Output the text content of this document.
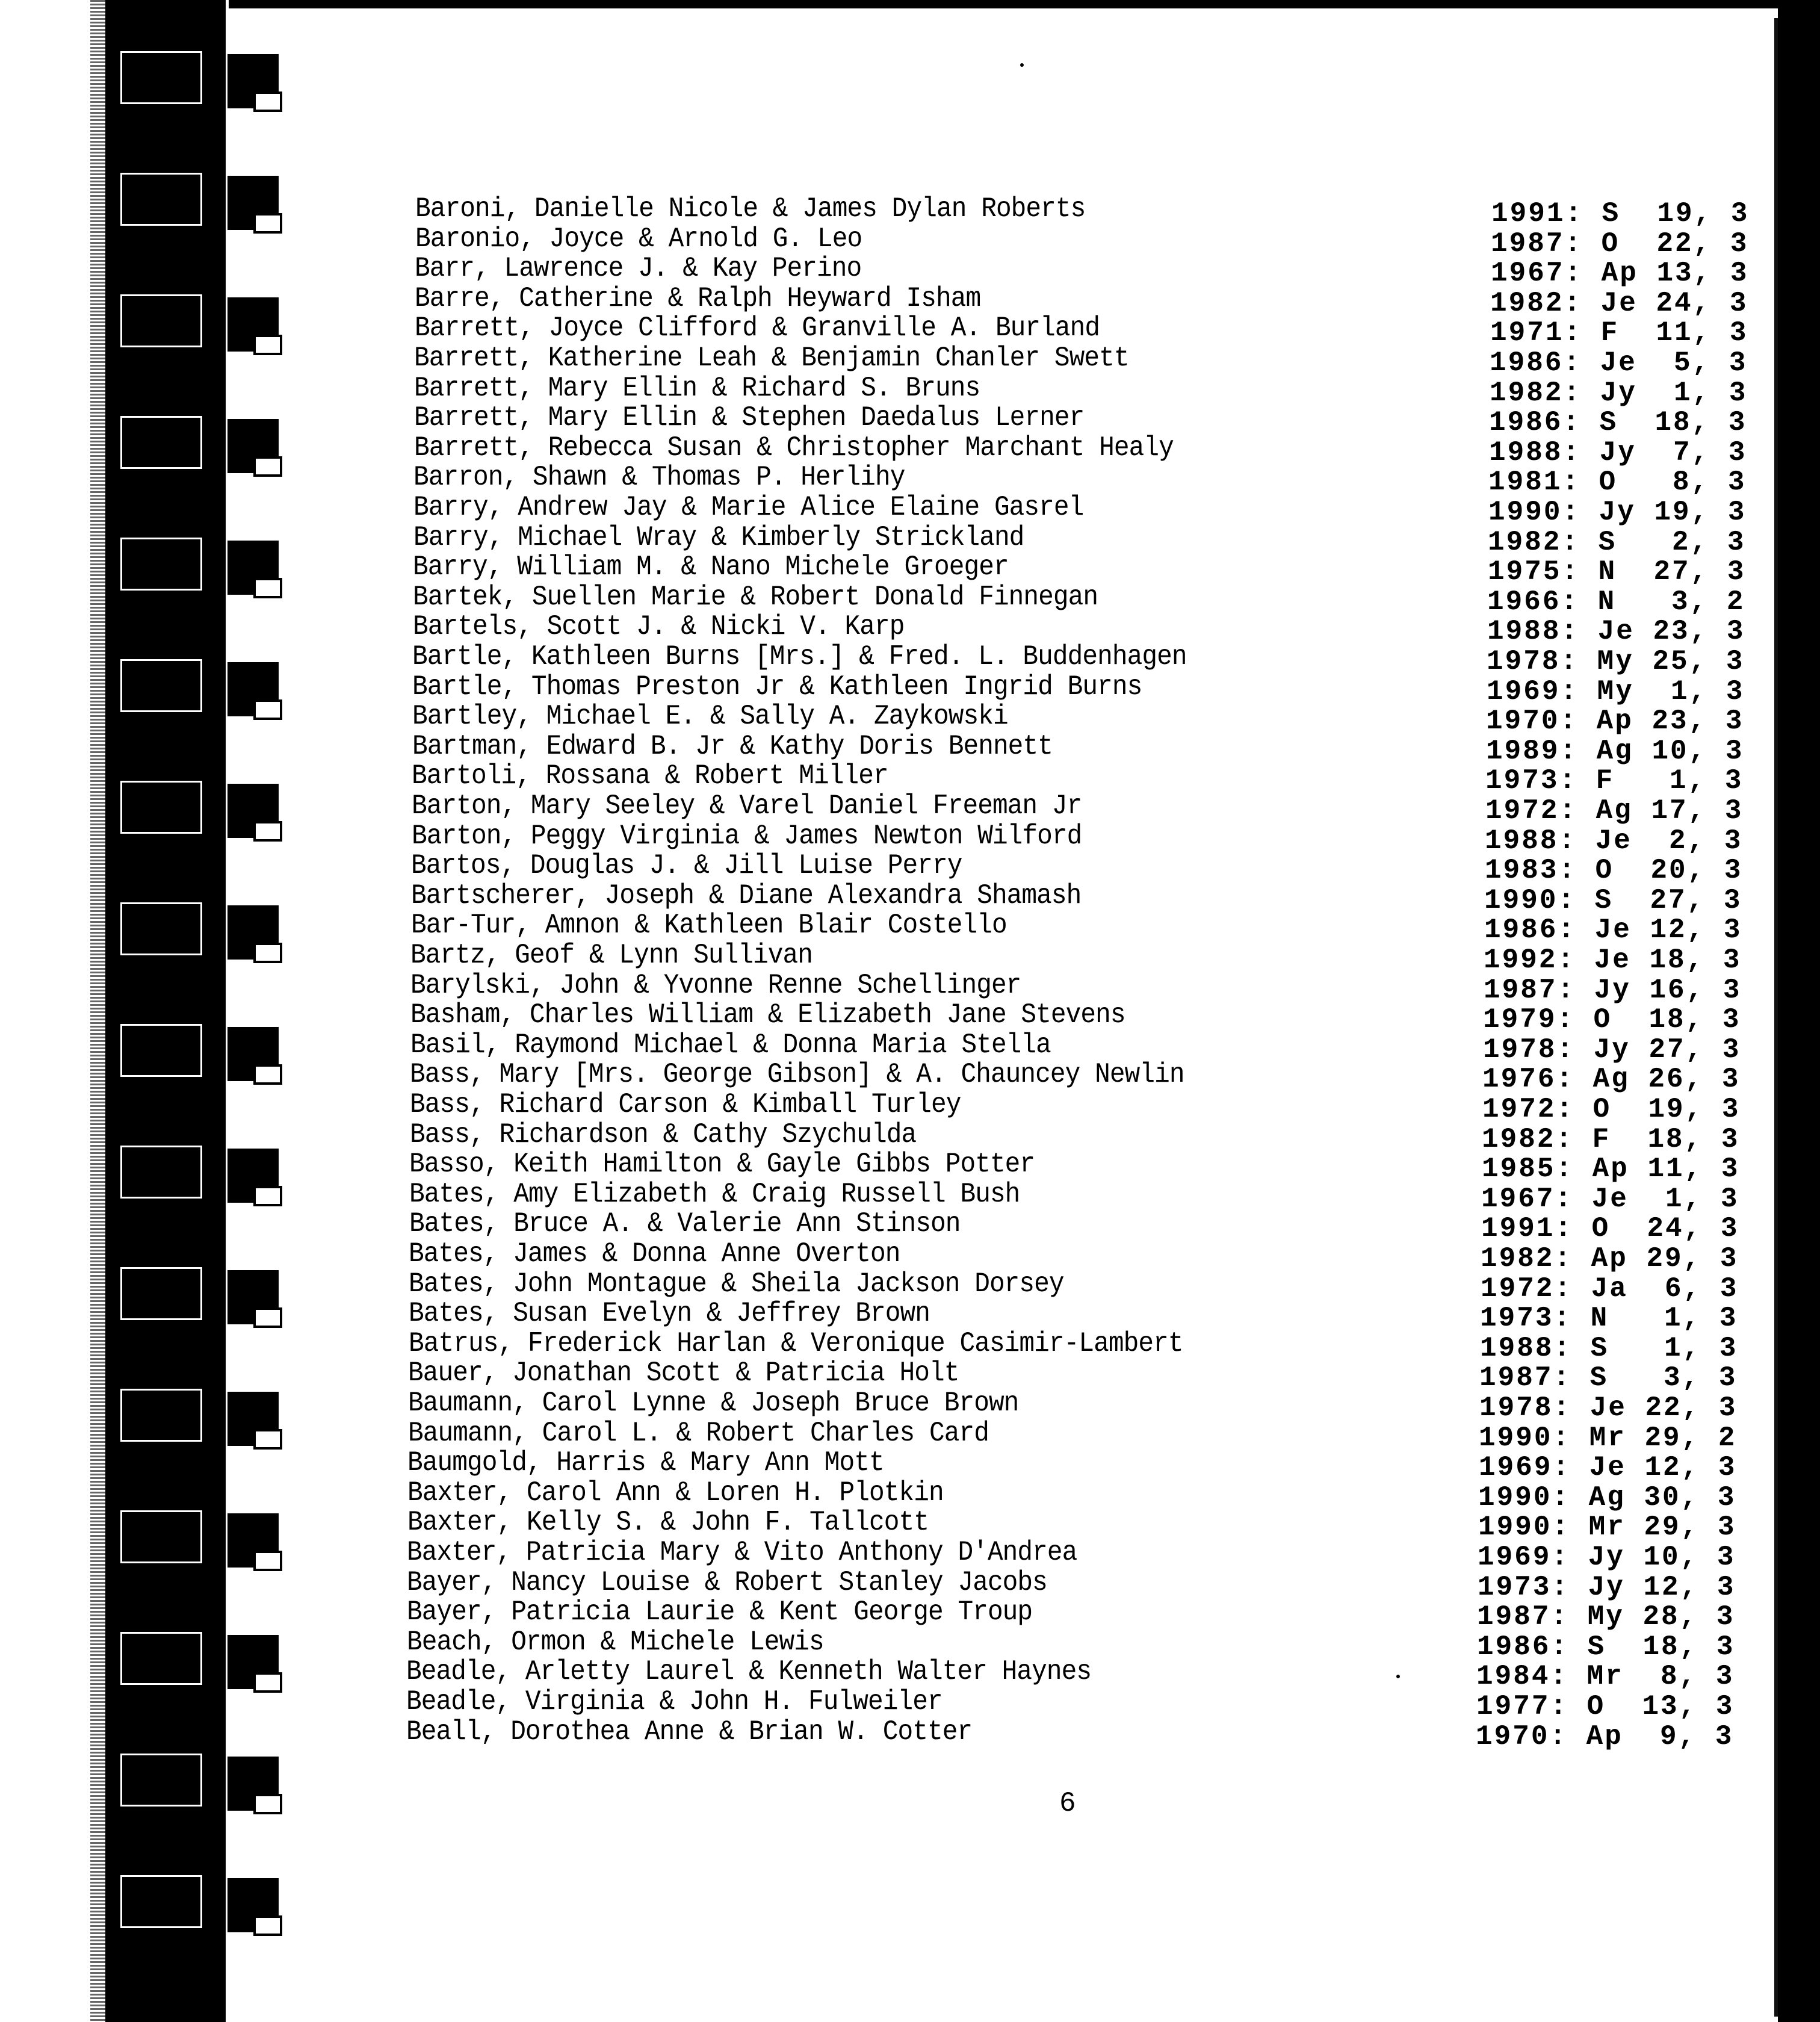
Baroni, Danielle Nicole & James Dylan Roberts	1991: S  19, 3
Baronio, Joyce & Arnold G. Leo	1987: O  22, 3
Barr, Lawrence J. & Kay Perino	1967: Ap 13, 3
Barre, Catherine & Ralph Heyward Isham	1982: Je 24, 3
Barrett, Joyce Clifford & Granville A. Burland	1971: F  11, 3
Barrett, Katherine Leah & Benjamin Chanler Swett	1986: Je  5, 3
Barrett, Mary Ellin & Richard S. Bruns	1982: Jy  1, 3
Barrett, Mary Ellin & Stephen Daedalus Lerner	1986: S  18, 3
Barrett, Rebecca Susan & Christopher Marchant Healy	1988: Jy  7, 3
Barron, Shawn & Thomas P. Herlihy	1981: O   8, 3
Barry, Andrew Jay & Marie Alice Elaine Gasrel	1990: Jy 19, 3
Barry, Michael Wray & Kimberly Strickland	1982: S   2, 3
Barry, William M. & Nano Michele Groeger	1975: N  27, 3
Bartek, Suellen Marie & Robert Donald Finnegan	1966: N   3, 2
Bartels, Scott J. & Nicki V. Karp	1988: Je 23, 3
Bartle, Kathleen Burns [Mrs.] & Fred. L. Buddenhagen	1978: My 25, 3
Bartle, Thomas Preston Jr & Kathleen Ingrid Burns	1969: My  1, 3
Bartley, Michael E. & Sally A. Zaykowski	1970: Ap 23, 3
Bartman, Edward B. Jr & Kathy Doris Bennett	1989: Ag 10, 3
Bartoli, Rossana & Robert Miller	1973: F   1, 3
Barton, Mary Seeley & Varel Daniel Freeman Jr	1972: Ag 17, 3
Barton, Peggy Virginia & James Newton Wilford	1988: Je  2, 3
Bartos, Douglas J. & Jill Luise Perry	1983: O  20, 3
Bartscherer, Joseph & Diane Alexandra Shamash	1990: S  27, 3
Bar-Tur, Amnon & Kathleen Blair Costello	1986: Je 12, 3
Bartz, Geof & Lynn Sullivan	1992: Je 18, 3
Barylski, John & Yvonne Renne Schellinger	1987: Jy 16, 3
Basham, Charles William & Elizabeth Jane Stevens	1979: O  18, 3
Basil, Raymond Michael & Donna Maria Stella	1978: Jy 27, 3
Bass, Mary [Mrs. George Gibson] & A. Chauncey Newlin	1976: Ag 26, 3
Bass, Richard Carson & Kimball Turley	1972: O  19, 3
Bass, Richardson & Cathy Szychulda	1982: F  18, 3
Basso, Keith Hamilton & Gayle Gibbs Potter	1985: Ap 11, 3
Bates, Amy Elizabeth & Craig Russell Bush	1967: Je  1, 3
Bates, Bruce A. & Valerie Ann Stinson	1991: O  24, 3
Bates, James & Donna Anne Overton	1982: Ap 29, 3
Bates, John Montague & Sheila Jackson Dorsey	1972: Ja  6, 3
Bates, Susan Evelyn & Jeffrey Brown	1973: N   1, 3
Batrus, Frederick Harlan & Veronique Casimir-Lambert	1988: S   1, 3
Bauer, Jonathan Scott & Patricia Holt	1987: S   3, 3
Baumann, Carol Lynne & Joseph Bruce Brown	1978: Je 22, 3
Baumann, Carol L. & Robert Charles Card	1990: Mr 29, 2
Baumgold, Harris & Mary Ann Mott	1969: Je 12, 3
Baxter, Carol Ann & Loren H. Plotkin	1990: Ag 30, 3
Baxter, Kelly S. & John F. Tallcott	1990: Mr 29, 3
Baxter, Patricia Mary & Vito Anthony D'Andrea	1969: Jy 10, 3
Bayer, Nancy Louise & Robert Stanley Jacobs	1973: Jy 12, 3
Bayer, Patricia Laurie & Kent George Troup	1987: My 28, 3
Beach, Ormon & Michele Lewis	1986: S  18, 3
Beadle, Arletty Laurel & Kenneth Walter Haynes	1984: Mr  8, 3
Beadle, Virginia & John H. Fulweiler	1977: O  13, 3
Beall, Dorothea Anne & Brian W. Cotter	1970: Ap  9, 3
6
